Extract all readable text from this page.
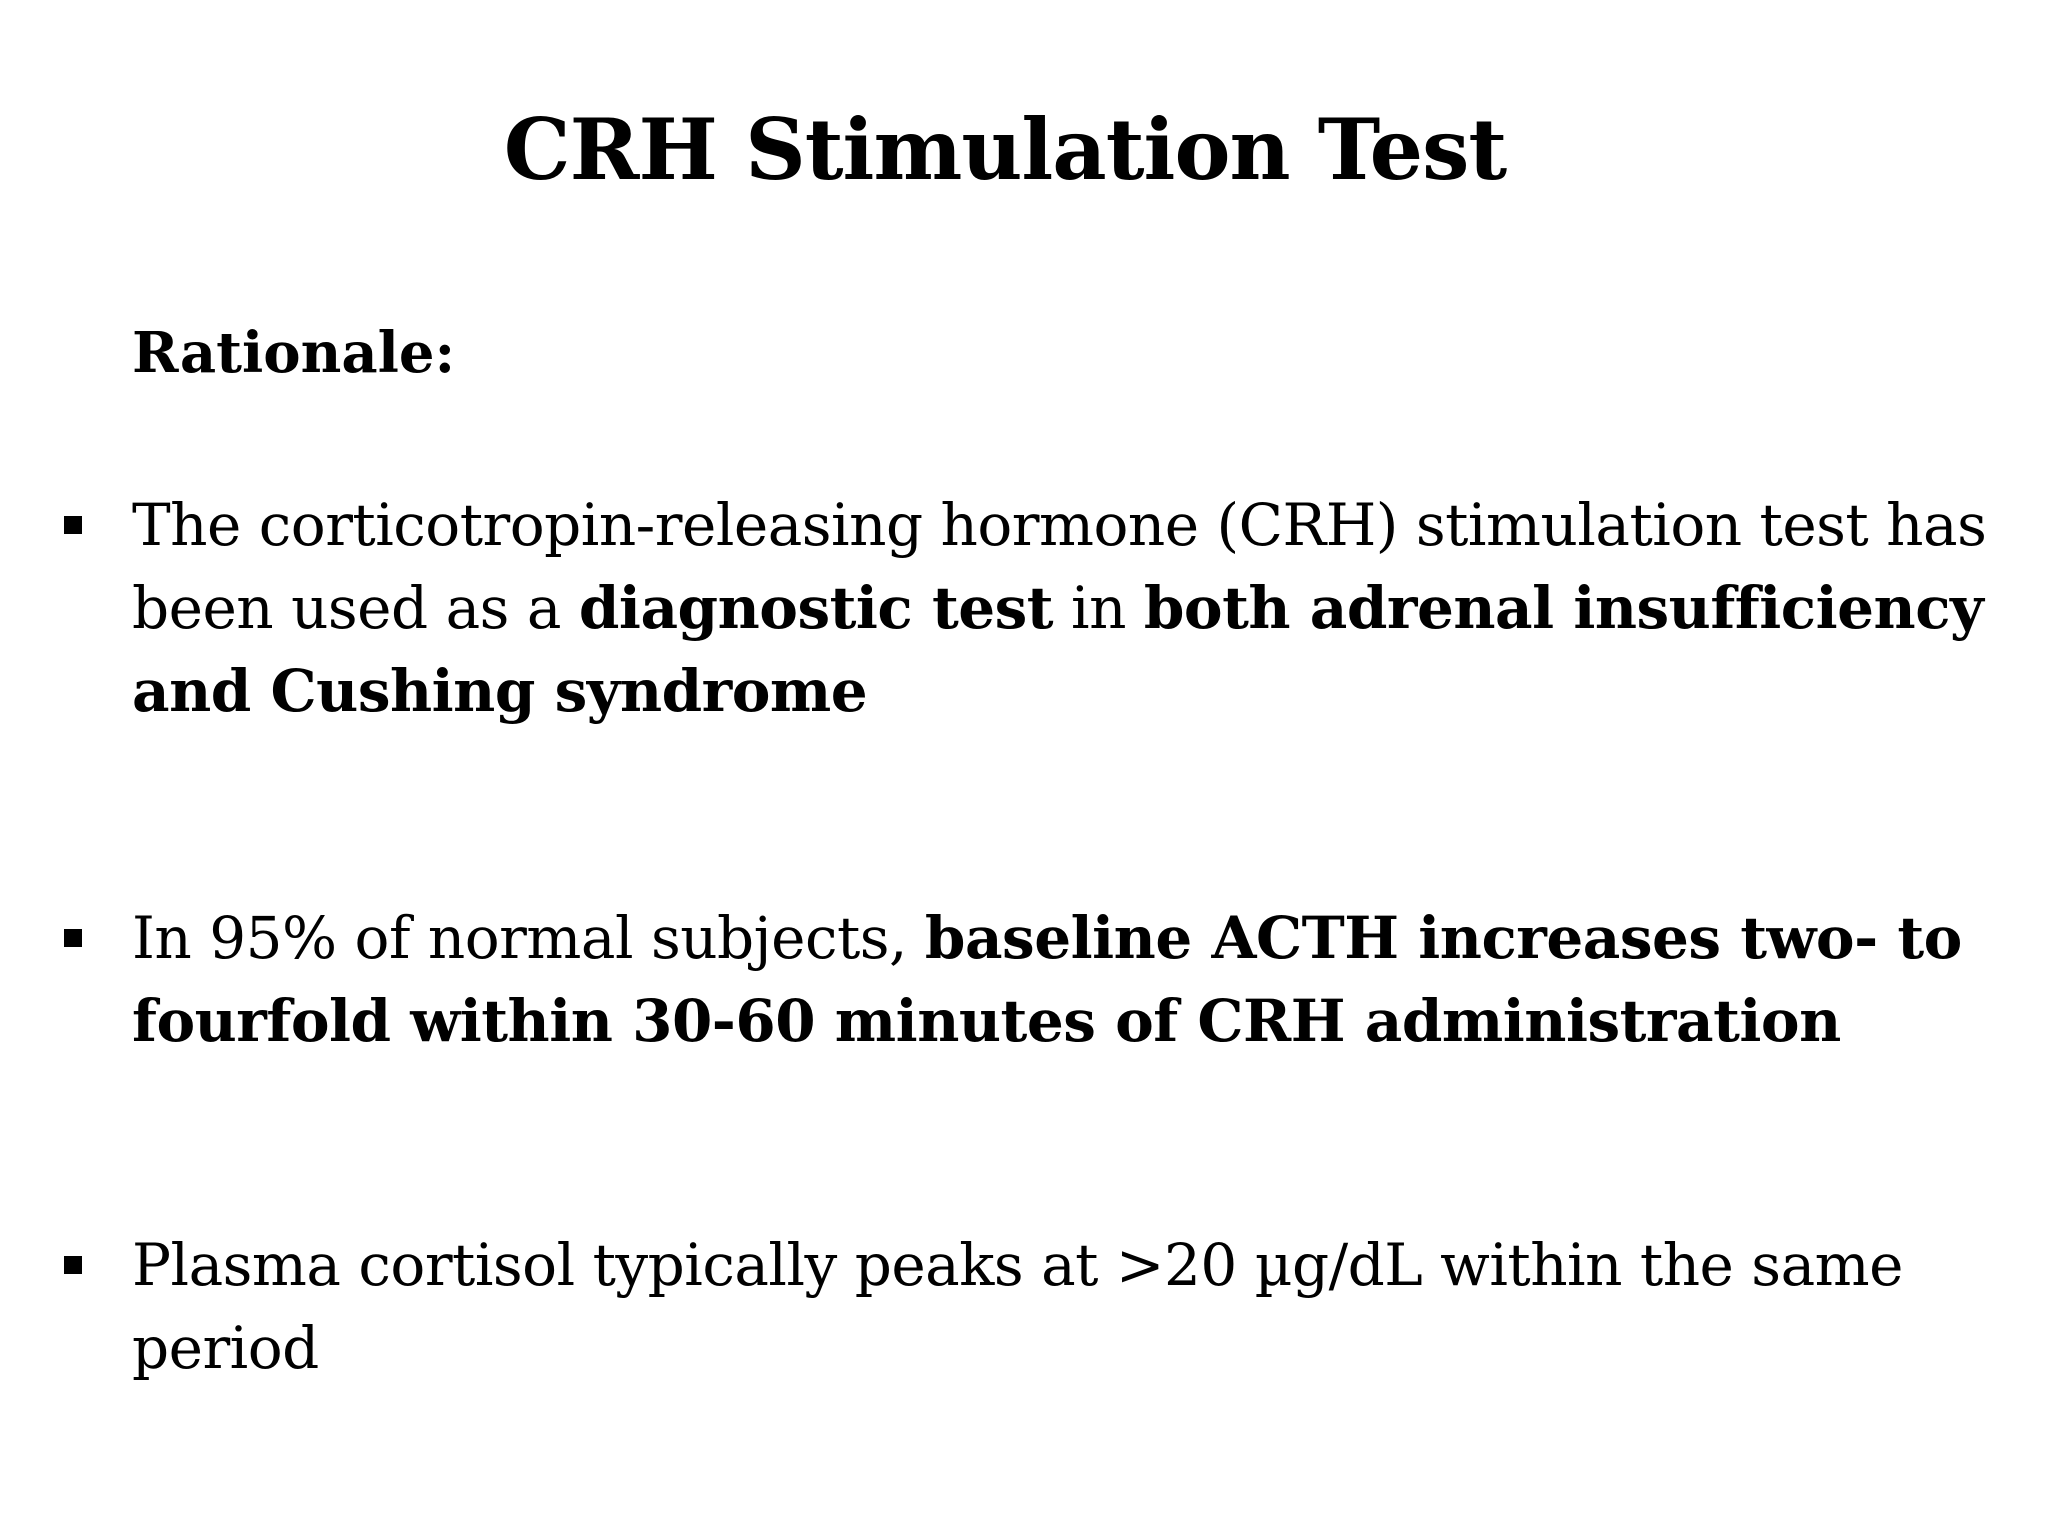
CRH Stimulation Test
Rationale:
The corticotropin-releasing hormone (CRH) stimulation test has been used as a diagnostic test in both adrenal insufficiency and Cushing syndrome
In 95% of normal subjects, baseline ACTH increases two- to fourfold within 30-60 minutes of CRH administration
Plasma cortisol typically peaks at >20 µg/dL within the same period
